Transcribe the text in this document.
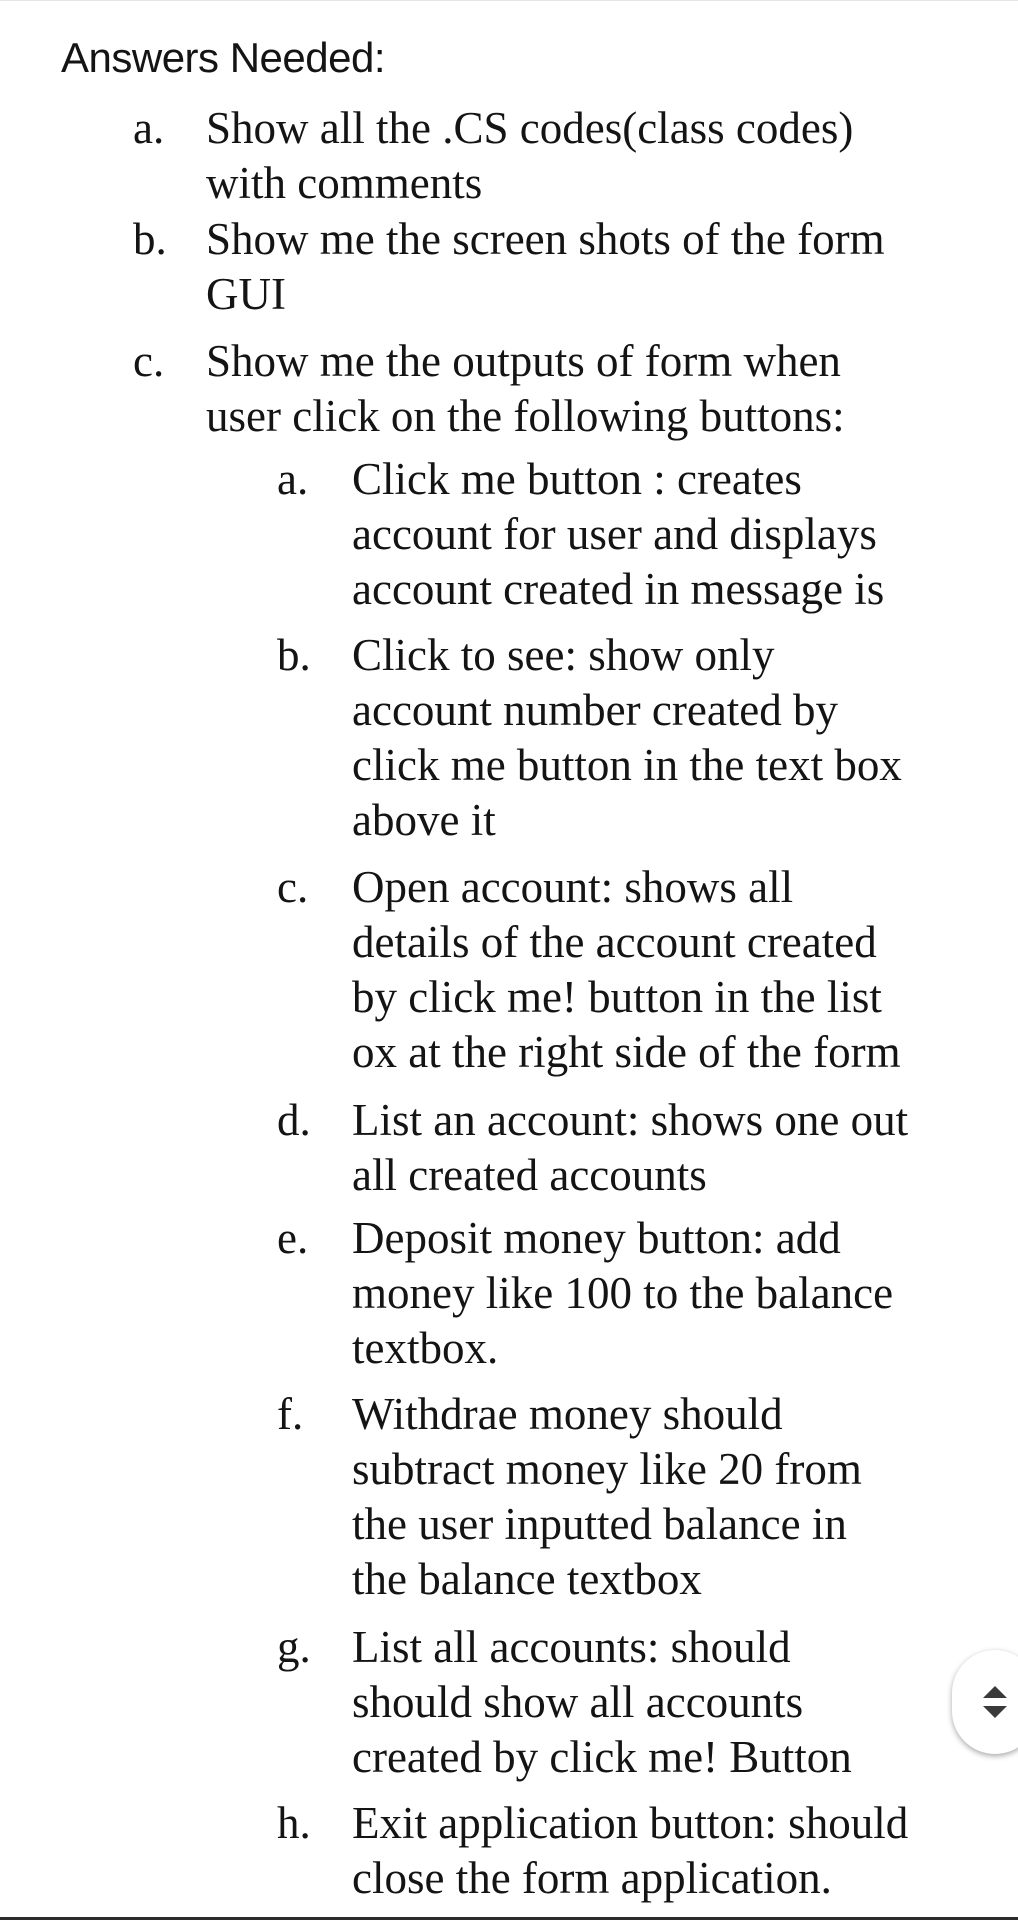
Answers Needed:
a. Show all the .CS codes(class codes)
with comments
b. Show me the screen shots of the form
GUI
c. Show me the outputs of form when
user click on the following buttons:
a. Click me button : creates
account for user and displays
account created in message is
b. Click to see: show only
account number created by
click me button in the text box
above it
c. Open account: shows all
details of the account created
by click me! button in the list
ox at the right side of the form
d. List an account: shows one out
all created accounts
e. Deposit money button: add
money like 100 to the balance
textbox.
f. Withdrae money should
subtract money like 20 from
the user inputted balance in
the balance textbox
g. List all accounts: should
should show all accounts
created by click me! Button
h. Exit application button: should
close the form application.
